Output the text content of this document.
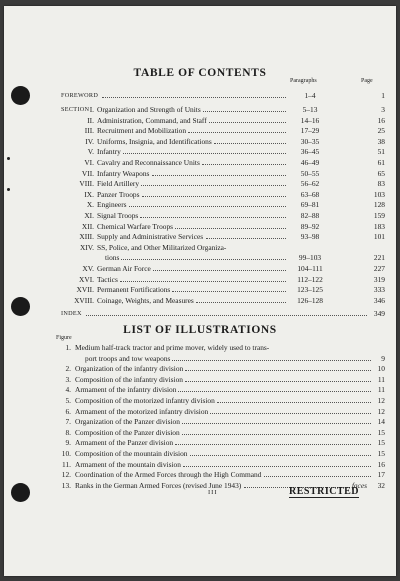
TABLE OF CONTENTS
Paragraphs	Page
FOREWORD	1–4	1
SECTION I. Organization and Strength of Units	5–13	3
II. Administration, Command, and Staff	14–16	16
III. Recruitment and Mobilization	17–29	25
IV. Uniforms, Insignia, and Identifications	30–35	38
V. Infantry	36–45	51
VI. Cavalry and Reconnaissance Units	46–49	61
VII. Infantry Weapons	50–55	65
VIII. Field Artillery	56–62	83
IX. Panzer Troops	63–68	103
X. Engineers	69–81	128
XI. Signal Troops	82–88	159
XII. Chemical Warfare Troops	89–92	183
XIII. Supply and Administrative Services	93–98	101
XIV. SS, Police, and Other Militarized Organiza-
tions	99–103	221
XV. German Air Force	104–111	227
XVI. Tactics	112–122	319
XVII. Permanent Fortifications	123–125	333
XVIII. Coinage, Weights, and Measures	126–128	346
INDEX	349
LIST OF ILLUSTRATIONS
Figure
1. Medium half-track tractor and prime mover, widely used to trans-
port troops and tow weapons	9
2. Organization of the infantry division	10
3. Composition of the infantry division	11
4. Armament of the infantry division	11
5. Composition of the motorized infantry division	12
6. Armament of the motorized infantry division	12
7. Organization of the Panzer division	14
8. Composition of the Panzer division	15
9. Armament of the Panzer division	15
10. Composition of the mountain division	15
11. Armament of the mountain division	16
12. Coordination of the Armed Forces through the High Command	17
13. Ranks in the German Armed Forces (revised June 1943)	faces 32
III	RESTRICTED
